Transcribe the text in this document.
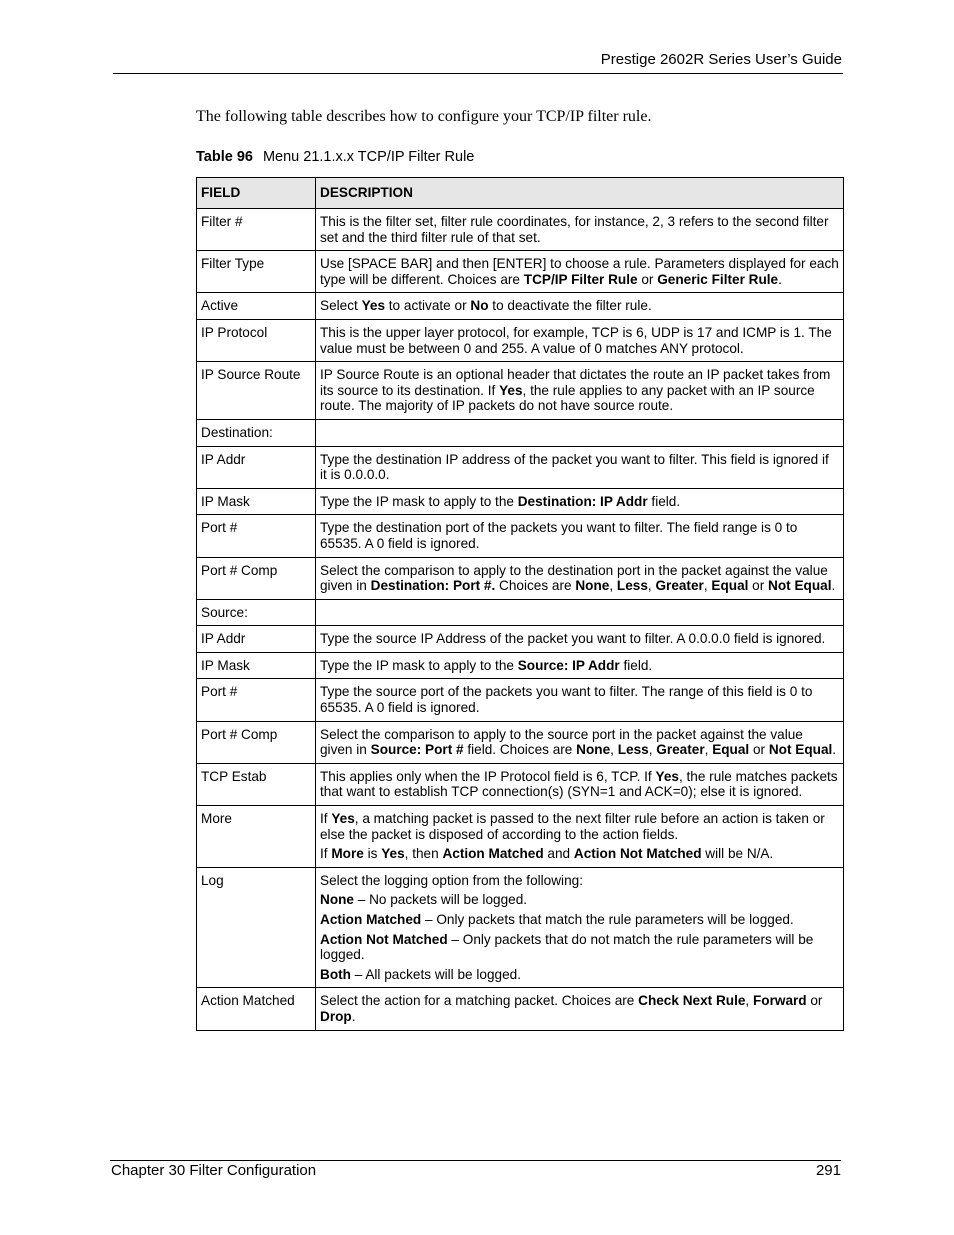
Prestige 2602R Series User’s Guide
The following table describes how to configure your TCP/IP filter rule.
Table 96 Menu 21.1.x.x TCP/IP Filter Rule
FIELD	DESCRIPTION
Filter #	This is the filter set, filter rule coordinates, for instance, 2, 3 refers to the second filter set and the third filter rule of that set.

Filter Type	Use [SPACE BAR] and then [ENTER] to choose a rule. Parameters displayed for each type will be different. Choices are TCP/IP Filter Rule or Generic Filter Rule.

Active	Select Yes to activate or No to deactivate the filter rule.

IP Protocol	This is the upper layer protocol, for example, TCP is 6, UDP is 17 and ICMP is 1. The value must be between 0 and 255. A value of 0 matches ANY protocol.

IP Source Route	IP Source Route is an optional header that dictates the route an IP packet takes from its source to its destination. If Yes, the rule applies to any packet with an IP source route. The majority of IP packets do not have source route.

Destination:	
IP Addr	Type the destination IP address of the packet you want to filter. This field is ignored if it is 0.0.0.0.

IP Mask	Type the IP mask to apply to the Destination: IP Addr field.

Port #	Type the destination port of the packets you want to filter. The field range is 0 to 65535. A 0 field is ignored.

Port # Comp	Select the comparison to apply to the destination port in the packet against the value given in Destination: Port #. Choices are None, Less, Greater, Equal or Not Equal.

Source:	
IP Addr	Type the source IP Address of the packet you want to filter. A 0.0.0.0 field is ignored.

IP Mask	Type the IP mask to apply to the Source: IP Addr field.

Port #	Type the source port of the packets you want to filter. The range of this field is 0 to 65535. A 0 field is ignored.

Port # Comp	Select the comparison to apply to the source port in the packet against the value given in Source: Port # field. Choices are None, Less, Greater, Equal or Not Equal.

TCP Estab	This applies only when the IP Protocol field is 6, TCP. If Yes, the rule matches packets that want to establish TCP connection(s) (SYN=1 and ACK=0); else it is ignored.

More	If Yes, a matching packet is passed to the next filter rule before an action is taken or else the packet is disposed of according to the action fields.

If More is Yes, then Action Matched and Action Not Matched will be N/A.

Log	Select the logging option from the following:

None – No packets will be logged.

Action Matched – Only packets that match the rule parameters will be logged.

Action Not Matched – Only packets that do not match the rule parameters will be logged.

Both – All packets will be logged.

Action Matched	Select the action for a matching packet. Choices are Check Next Rule, Forward or Drop.

Chapter 30 Filter Configuration	291
